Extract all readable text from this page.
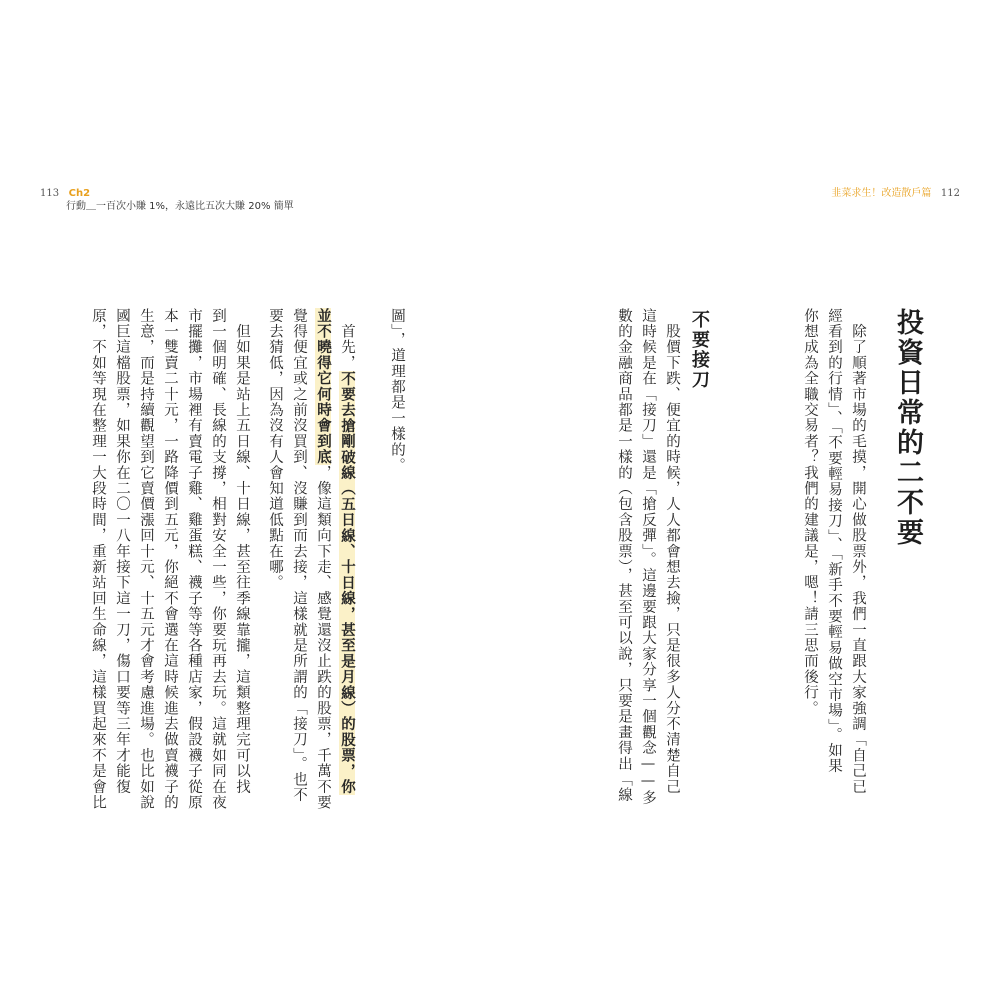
113 Ch2
行動＿一百次小賺 1%，永遠比五次大賺 20% 簡單
韭菜求生！改造散戶篇 112
投資日常的二不要
不要接刀	　除了順著市場的毛摸，開心做股票外，我們一直跟大家強調「自己已
經看到的行情」、「不要輕易接刀」、「新手不要輕易做空市場」。如果
你想成為全職交易者？我們的建議是，嗯！請三思而後行。
　股價下跌、便宜的時候，人人都會想去撿，只是很多人分不清楚自己
這時候是在「接刀」還是「搶反彈」。這邊要跟大家分享一個觀念——多
數的金融商品都是一樣的（包含股票），甚至可以說，只要是畫得出「線
圖」，道理都是一樣的。
　首先，不要去搶剛破線（五日線、十日線，甚至是月線）的股票，你
並不曉得它何時會到底，像這類向下走、感覺還沒止跌的股票，千萬不要
覺得便宜或之前沒買到、沒賺到而去接，這樣就是所謂的「接刀」。也不
要去猜低，因為沒有人會知道低點在哪。
　但如果是站上五日線、十日線，甚至往季線靠攏，這類整理完可以找
到一個明確、長線的支撐，相對安全一些，你要玩再去玩。這就如同在夜
市擺攤，市場裡有賣電子雞、雞蛋糕、襪子等等各種店家，假設襪子從原
本一雙賣二十元，一路降價到五元，你絕不會選在這時候進去做賣襪子的
生意，而是持續觀望到它賣價漲回十元、十五元才會考慮進場。也比如說
國巨這檔股票，如果你在二〇一八年接下這一刀，傷口要等三年才能復
原，不如等現在整理一大段時間，重新站回生命線，這樣買起來不是會比
